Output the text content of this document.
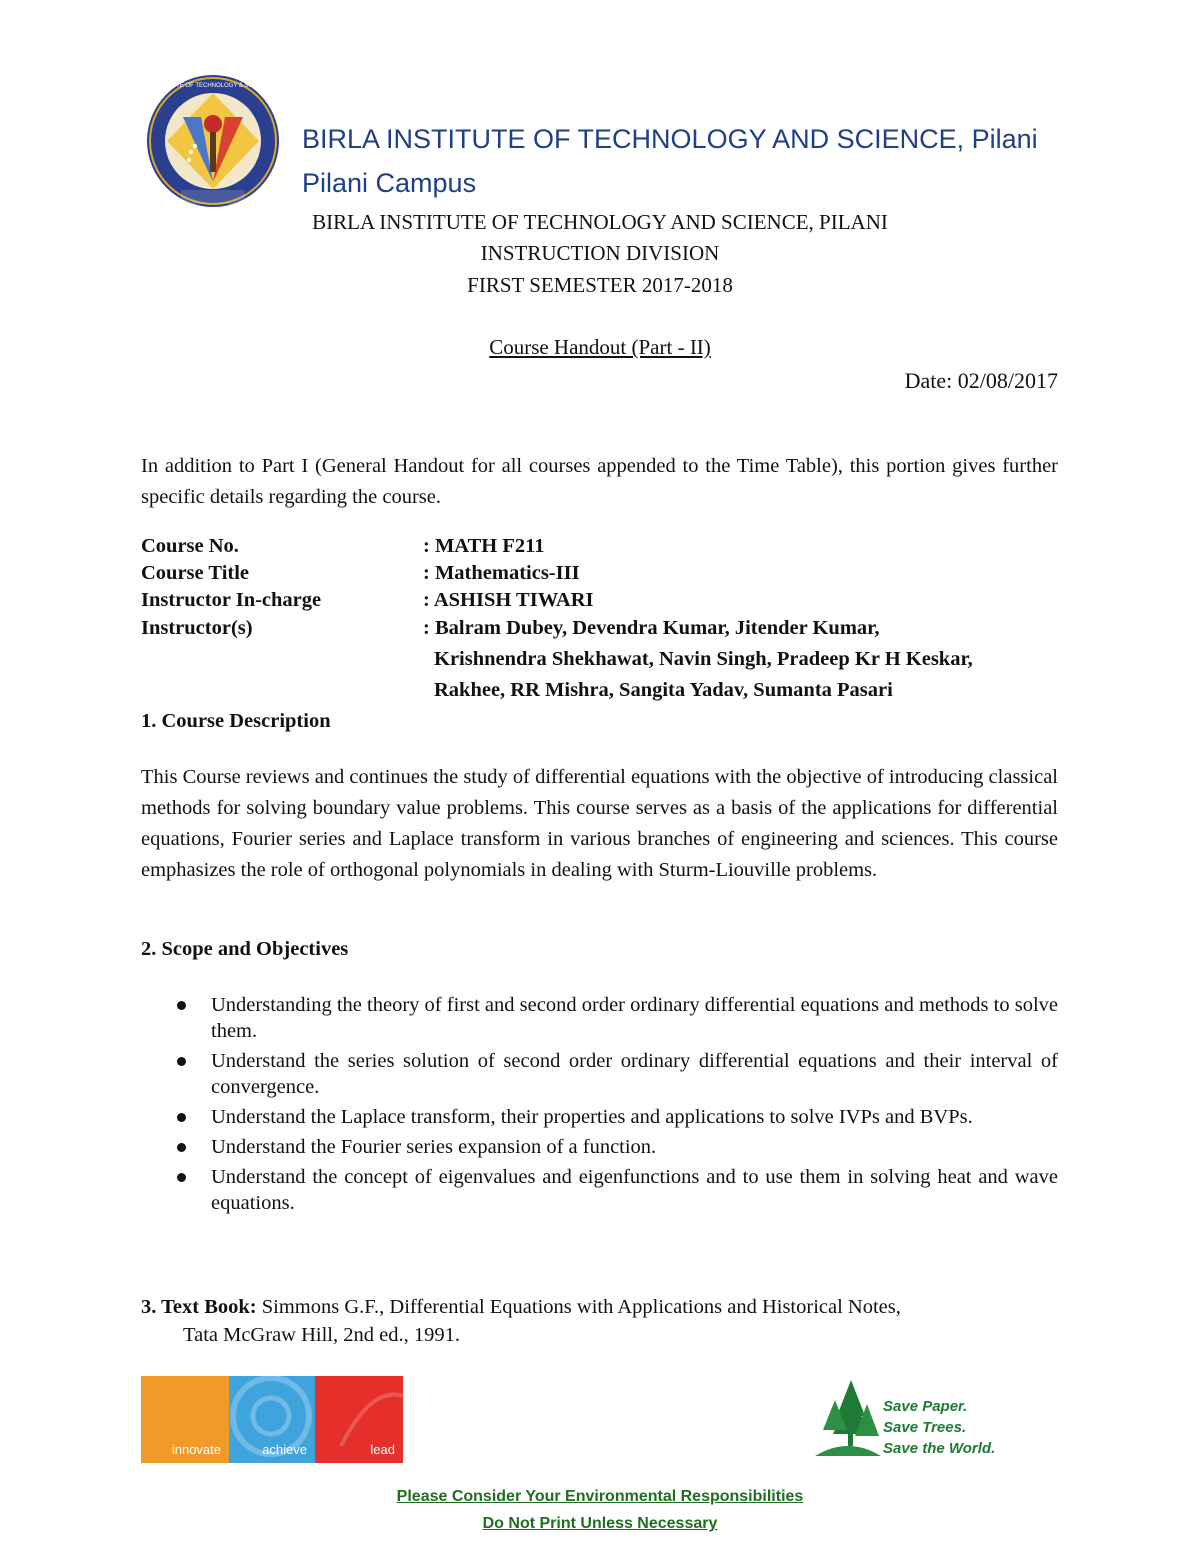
BIRLA INSTITUTE OF TECHNOLOGY & SCIENCE PILANI
BIRLA INSTITUTE OF TECHNOLOGY AND SCIENCE, Pilani
Pilani Campus
BIRLA INSTITUTE OF TECHNOLOGY AND SCIENCE, PILANI
INSTRUCTION DIVISION
FIRST SEMESTER 2017-2018
Course Handout (Part - II)
Date: 02/08/2017
In addition to Part I (General Handout for all courses appended to the Time Table), this portion gives further specific details regarding the course.
Course No.	: MATH F211
Course Title	: Mathematics-III
Instructor In-charge	: ASHISH TIWARI
Instructor(s)	: Balram Dubey, Devendra Kumar, Jitender Kumar,
Krishnendra Shekhawat, Navin Singh, Pradeep Kr H Keskar,
Rakhee, RR Mishra, Sangita Yadav, Sumanta Pasari
1. Course Description
This Course reviews and continues the study of differential equations with the objective of introducing classical methods for solving boundary value problems. This course serves as a basis of the applications for differential equations, Fourier series and Laplace transform in various branches of engineering and sciences. This course emphasizes the role of orthogonal polynomials in dealing with Sturm-Liouville problems.
2. Scope and Objectives
Understanding the theory of first and second order ordinary differential equations and methods to solve them.
Understand the series solution of second order ordinary differential equations and their interval of convergence.
Understand the Laplace transform, their properties and applications to solve IVPs and BVPs.
Understand the Fourier series expansion of a function.
Understand the concept of eigenvalues and eigenfunctions and to use them in solving heat and wave equations.
3. Text Book: Simmons G.F., Differential Equations with Applications and Historical Notes,
Tata McGraw Hill, 2nd ed., 1991.
innovate	achieve	lead
Save Paper.
Save Trees.
Save the World.
Please Consider Your Environmental Responsibilities
Do Not Print Unless Necessary
